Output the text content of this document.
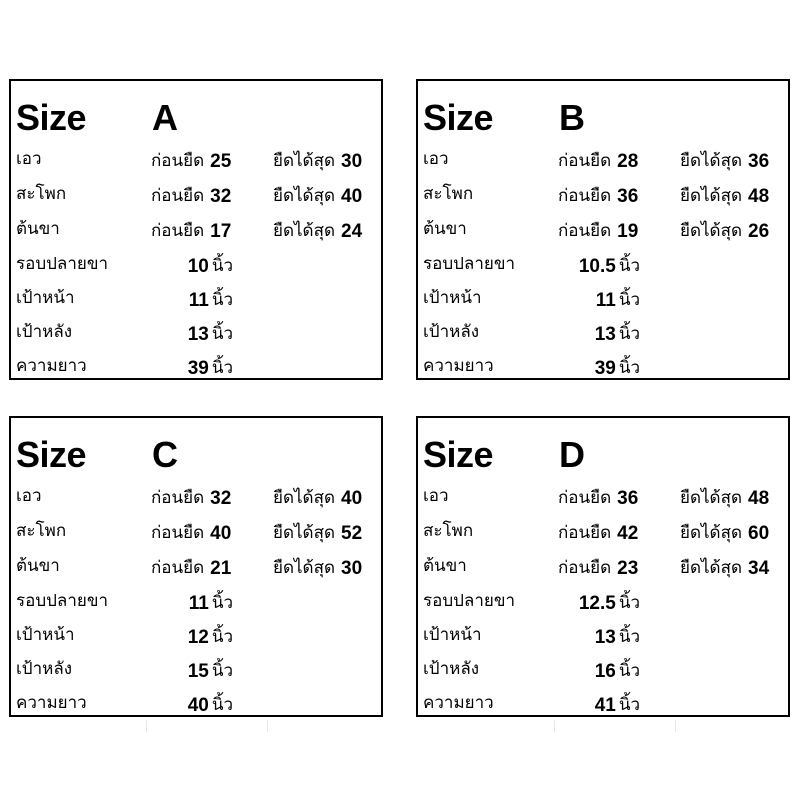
Size A
เอว	ก่อนยืด 25 ยืดได้สุด 30
สะโพก	ก่อนยืด 32 ยืดได้สุด 40
ต้นขา	ก่อนยืด 17 ยืดได้สุด 24
รอบปลายขา	10 นิ้ว
เป้าหน้า	11 นิ้ว
เป้าหลัง	13 นิ้ว
ความยาว	39 นิ้ว
Size B
เอว	ก่อนยืด 28 ยืดได้สุด 36
สะโพก	ก่อนยืด 36 ยืดได้สุด 48
ต้นขา	ก่อนยืด 19 ยืดได้สุด 26
รอบปลายขา	10.5 นิ้ว
เป้าหน้า	11 นิ้ว
เป้าหลัง	13 นิ้ว
ความยาว	39 นิ้ว
Size C
เอว	ก่อนยืด 32 ยืดได้สุด 40
สะโพก	ก่อนยืด 40 ยืดได้สุด 52
ต้นขา	ก่อนยืด 21 ยืดได้สุด 30
รอบปลายขา	11 นิ้ว
เป้าหน้า	12 นิ้ว
เป้าหลัง	15 นิ้ว
ความยาว	40 นิ้ว
Size D
เอว	ก่อนยืด 36 ยืดได้สุด 48
สะโพก	ก่อนยืด 42 ยืดได้สุด 60
ต้นขา	ก่อนยืด 23 ยืดได้สุด 34
รอบปลายขา	12.5 นิ้ว
เป้าหน้า	13 นิ้ว
เป้าหลัง	16 นิ้ว
ความยาว	41 นิ้ว
